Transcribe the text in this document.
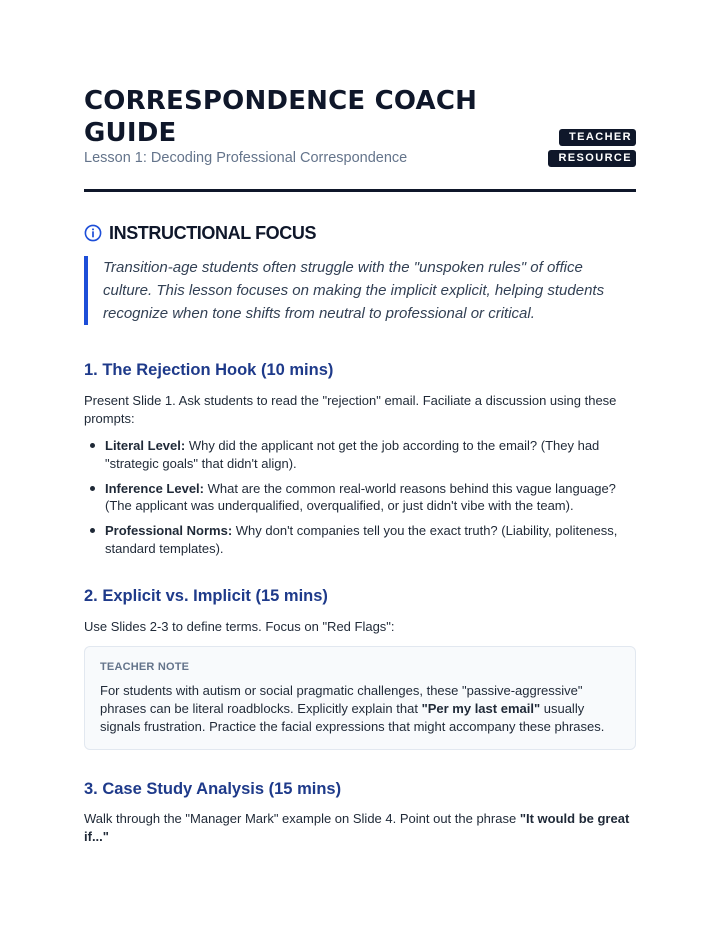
CORRESPONDENCE COACH GUIDE
Lesson 1: Decoding Professional Correspondence
TEACHER
RESOURCE
INSTRUCTIONAL FOCUS
Transition-age students often struggle with the "unspoken rules" of office culture. This lesson focuses on making the implicit explicit, helping students recognize when tone shifts from neutral to professional or critical.
1. The Rejection Hook (10 mins)

Present Slide 1. Ask students to read the "rejection" email. Faciliate a discussion using these prompts:

Literal Level: Why did the applicant not get the job according to the email? (They had "strategic goals" that didn't align).
Inference Level: What are the common real-world reasons behind this vague language? (The applicant was underqualified, overqualified, or just didn't vibe with the team).
Professional Norms: Why don't companies tell you the exact truth? (Liability, politeness, standard templates).
2. Explicit vs. Implicit (15 mins)

Use Slides 2-3 to define terms. Focus on "Red Flags":

TEACHER NOTE
For students with autism or social pragmatic challenges, these "passive-aggressive" phrases can be literal roadblocks. Explicitly explain that "Per my last email" usually signals frustration. Practice the facial expressions that might accompany these phrases.
3. Case Study Analysis (15 mins)

Walk through the "Manager Mark" example on Slide 4. Point out the phrase "It would be great if..."
